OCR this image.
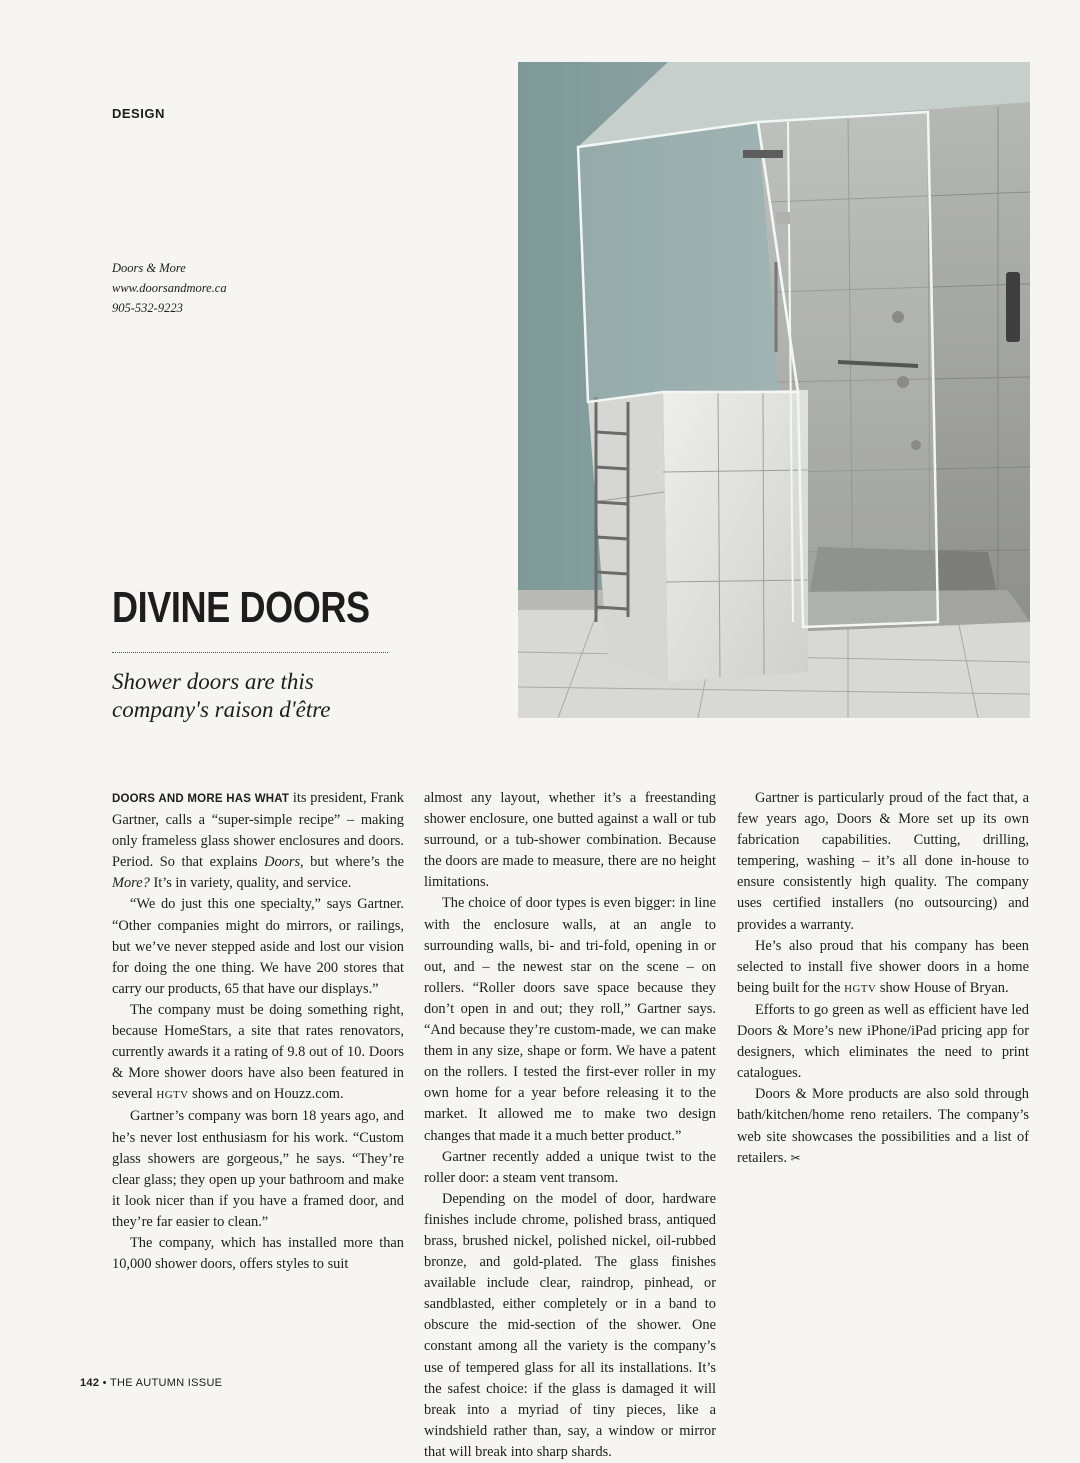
DESIGN
Doors & More
www.doorsandmore.ca
905-532-9223
DIVINE DOORS
Shower doors are this company's raison d'être

DOORS AND MORE HAS WHAT its president, Frank Gartner, calls a “super-simple recipe” – making only frameless glass shower enclosures and doors. Period. So that explains Doors, but where’s the More? It’s in variety, quality, and service.

“We do just this one specialty,” says Gartner. “Other companies might do mirrors, or railings, but we’ve never stepped aside and lost our vision for doing the one thing. We have 200 stores that carry our products, 65 that have our displays.”

The company must be doing something right, because HomeStars, a site that rates renovators, currently awards it a rating of 9.8 out of 10. Doors & More shower doors have also been featured in several HGTV shows and on Houzz.com.

Gartner’s company was born 18 years ago, and he’s never lost enthusiasm for his work. “Custom glass showers are gorgeous,” he says. “They’re clear glass; they open up your bathroom and make it look nicer than if you have a framed door, and they’re far easier to clean.”

The company, which has installed more than 10,000 shower doors, offers styles to suit

almost any layout, whether it’s a freestanding shower enclosure, one butted against a wall or tub surround, or a tub-shower combination. Because the doors are made to measure, there are no height limitations.

The choice of door types is even bigger: in line with the enclosure walls, at an angle to surrounding walls, bi- and tri-fold, opening in or out, and – the newest star on the scene – on rollers. “Roller doors save space because they don’t open in and out; they roll,” Gartner says. “And because they’re custom-made, we can make them in any size, shape or form. We have a patent on the rollers. I tested the first-ever roller in my own home for a year before releasing it to the market. It allowed me to make two design changes that made it a much better product.”

Gartner recently added a unique twist to the roller door: a steam vent transom.

Depending on the model of door, hardware finishes include chrome, polished brass, antiqued brass, brushed nickel, polished nickel, oil-rubbed bronze, and gold-plated. The glass finishes available include clear, raindrop, pinhead, or sandblasted, either completely or in a band to obscure the mid-section of the shower. One constant among all the variety is the company’s use of tempered glass for all its installations. It’s the safest choice: if the glass is damaged it will break into a myriad of tiny pieces, like a windshield rather than, say, a window or mirror that will break into sharp shards.

Gartner is particularly proud of the fact that, a few years ago, Doors & More set up its own fabrication capabilities. Cutting, drilling, tempering, washing – it’s all done in-house to ensure consistently high quality. The company uses certified installers (no outsourcing) and provides a warranty.

He’s also proud that his company has been selected to install five shower doors in a home being built for the HGTV show House of Bryan.

Efforts to go green as well as efficient have led Doors & More’s new iPhone/iPad pricing app for designers, which eliminates the need to print catalogues.

Doors & More products are also sold through bath/kitchen/home reno retailers. The company’s web site showcases the possibilities and a list of retailers. ✂

142 • THE AUTUMN ISSUE
